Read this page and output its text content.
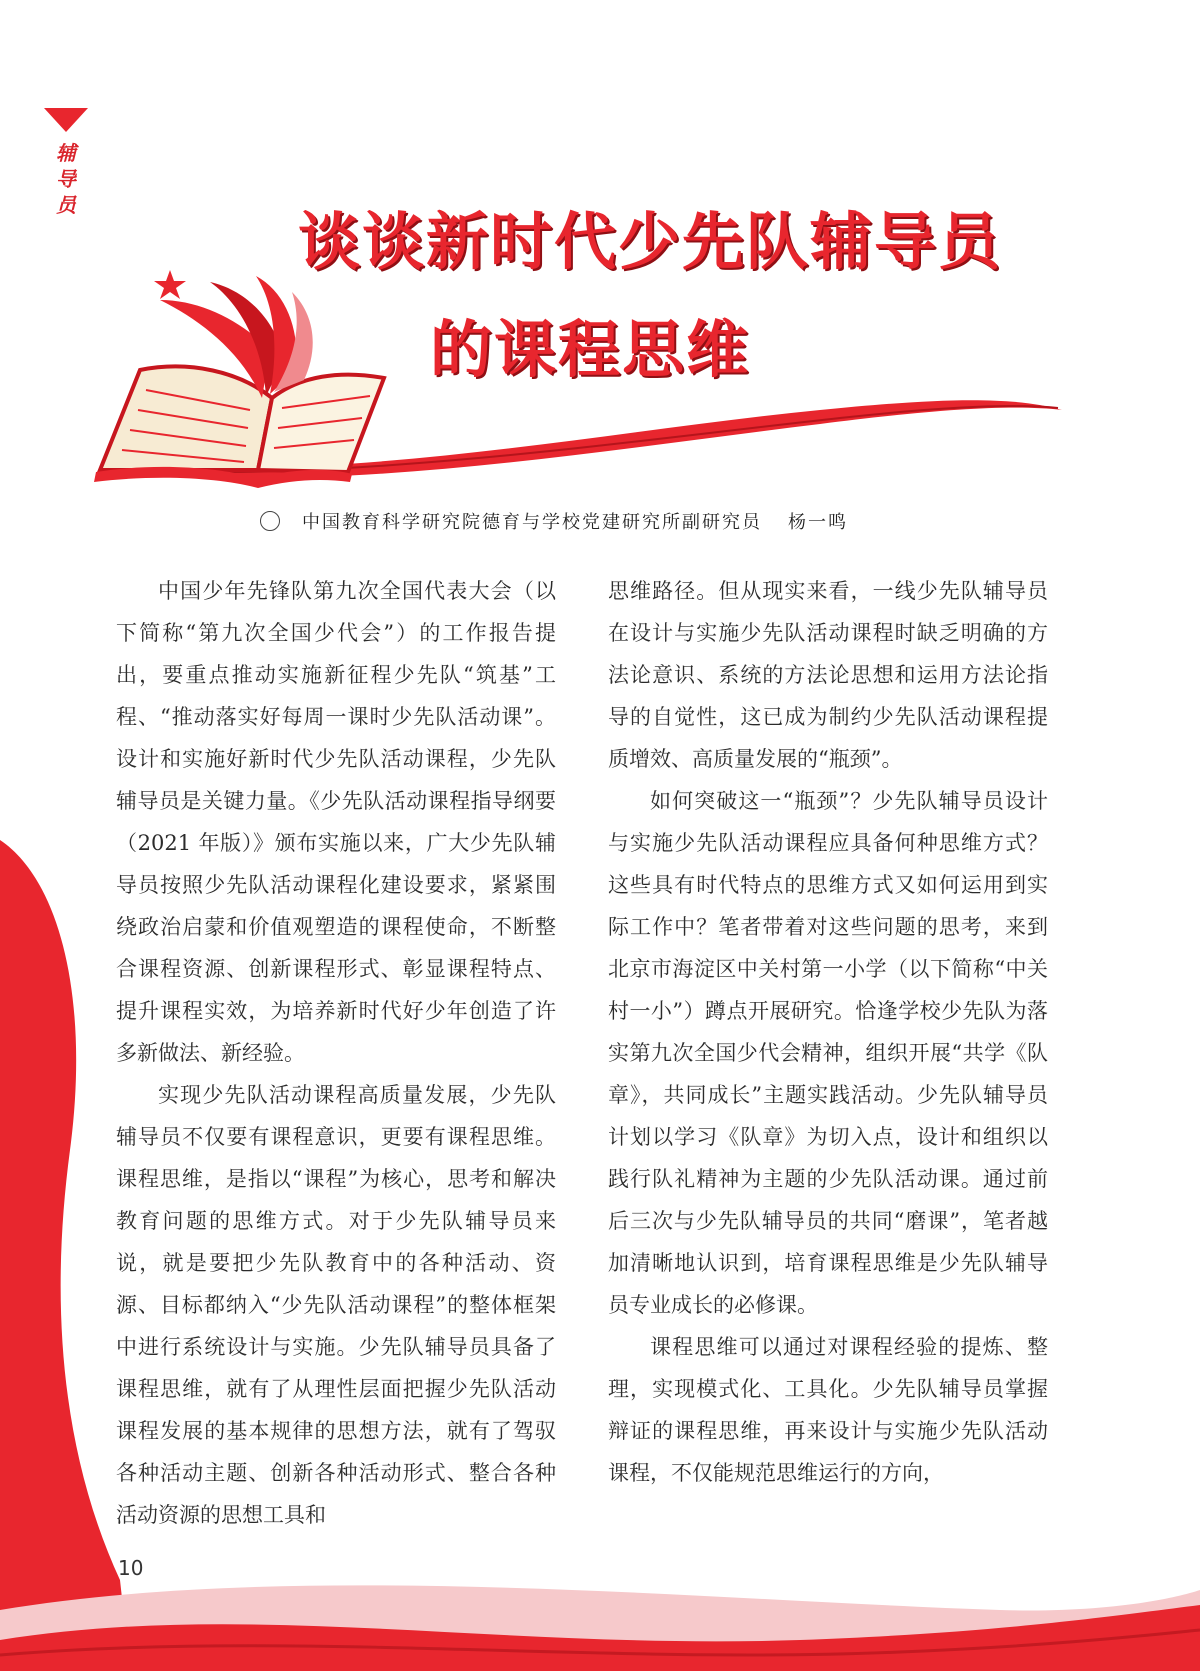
辅
导
员	谈谈新时代少先队辅导员
的课程思维
中国教育科学研究院德育与学校党建研究所副研究员 杨一鸣

中国少年先锋队第九次全国代表大会（以下简称“第九次全国少代会”）的工作报告提出，要重点推动实施新征程少先队“筑基”工程、“推动落实好每周一课时少先队活动课”。设计和实施好新时代少先队活动课程，少先队辅导员是关键力量。《少先队活动课程指导纲要（2021 年版）》颁布实施以来，广大少先队辅导员按照少先队活动课程化建设要求，紧紧围绕政治启蒙和价值观塑造的课程使命，不断整合课程资源、创新课程形式、彰显课程特点、提升课程实效，为培养新时代好少年创造了许多新做法、新经验。

实现少先队活动课程高质量发展，少先队辅导员不仅要有课程意识，更要有课程思维。课程思维，是指以“课程”为核心，思考和解决教育问题的思维方式。对于少先队辅导员来说，就是要把少先队教育中的各种活动、资源、目标都纳入“少先队活动课程”的整体框架中进行系统设计与实施。少先队辅导员具备了课程思维，就有了从理性层面把握少先队活动课程发展的基本规律的思想方法，就有了驾驭各种活动主题、创新各种活动形式、整合各种活动资源的思想工具和

思维路径。但从现实来看，一线少先队辅导员在设计与实施少先队活动课程时缺乏明确的方法论意识、系统的方法论思想和运用方法论指导的自觉性，这已成为制约少先队活动课程提质增效、高质量发展的“瓶颈”。

如何突破这一“瓶颈”？少先队辅导员设计与实施少先队活动课程应具备何种思维方式？这些具有时代特点的思维方式又如何运用到实际工作中？笔者带着对这些问题的思考，来到北京市海淀区中关村第一小学（以下简称“中关村一小”）蹲点开展研究。恰逢学校少先队为落实第九次全国少代会精神，组织开展“共学《队章》，共同成长”主题实践活动。少先队辅导员计划以学习《队章》为切入点，设计和组织以践行队礼精神为主题的少先队活动课。通过前后三次与少先队辅导员的共同“磨课”，笔者越加清晰地认识到，培育课程思维是少先队辅导员专业成长的必修课。

课程思维可以通过对课程经验的提炼、整理，实现模式化、工具化。少先队辅导员掌握辩证的课程思维，再来设计与实施少先队活动课程，不仅能规范思维运行的方向，

10
